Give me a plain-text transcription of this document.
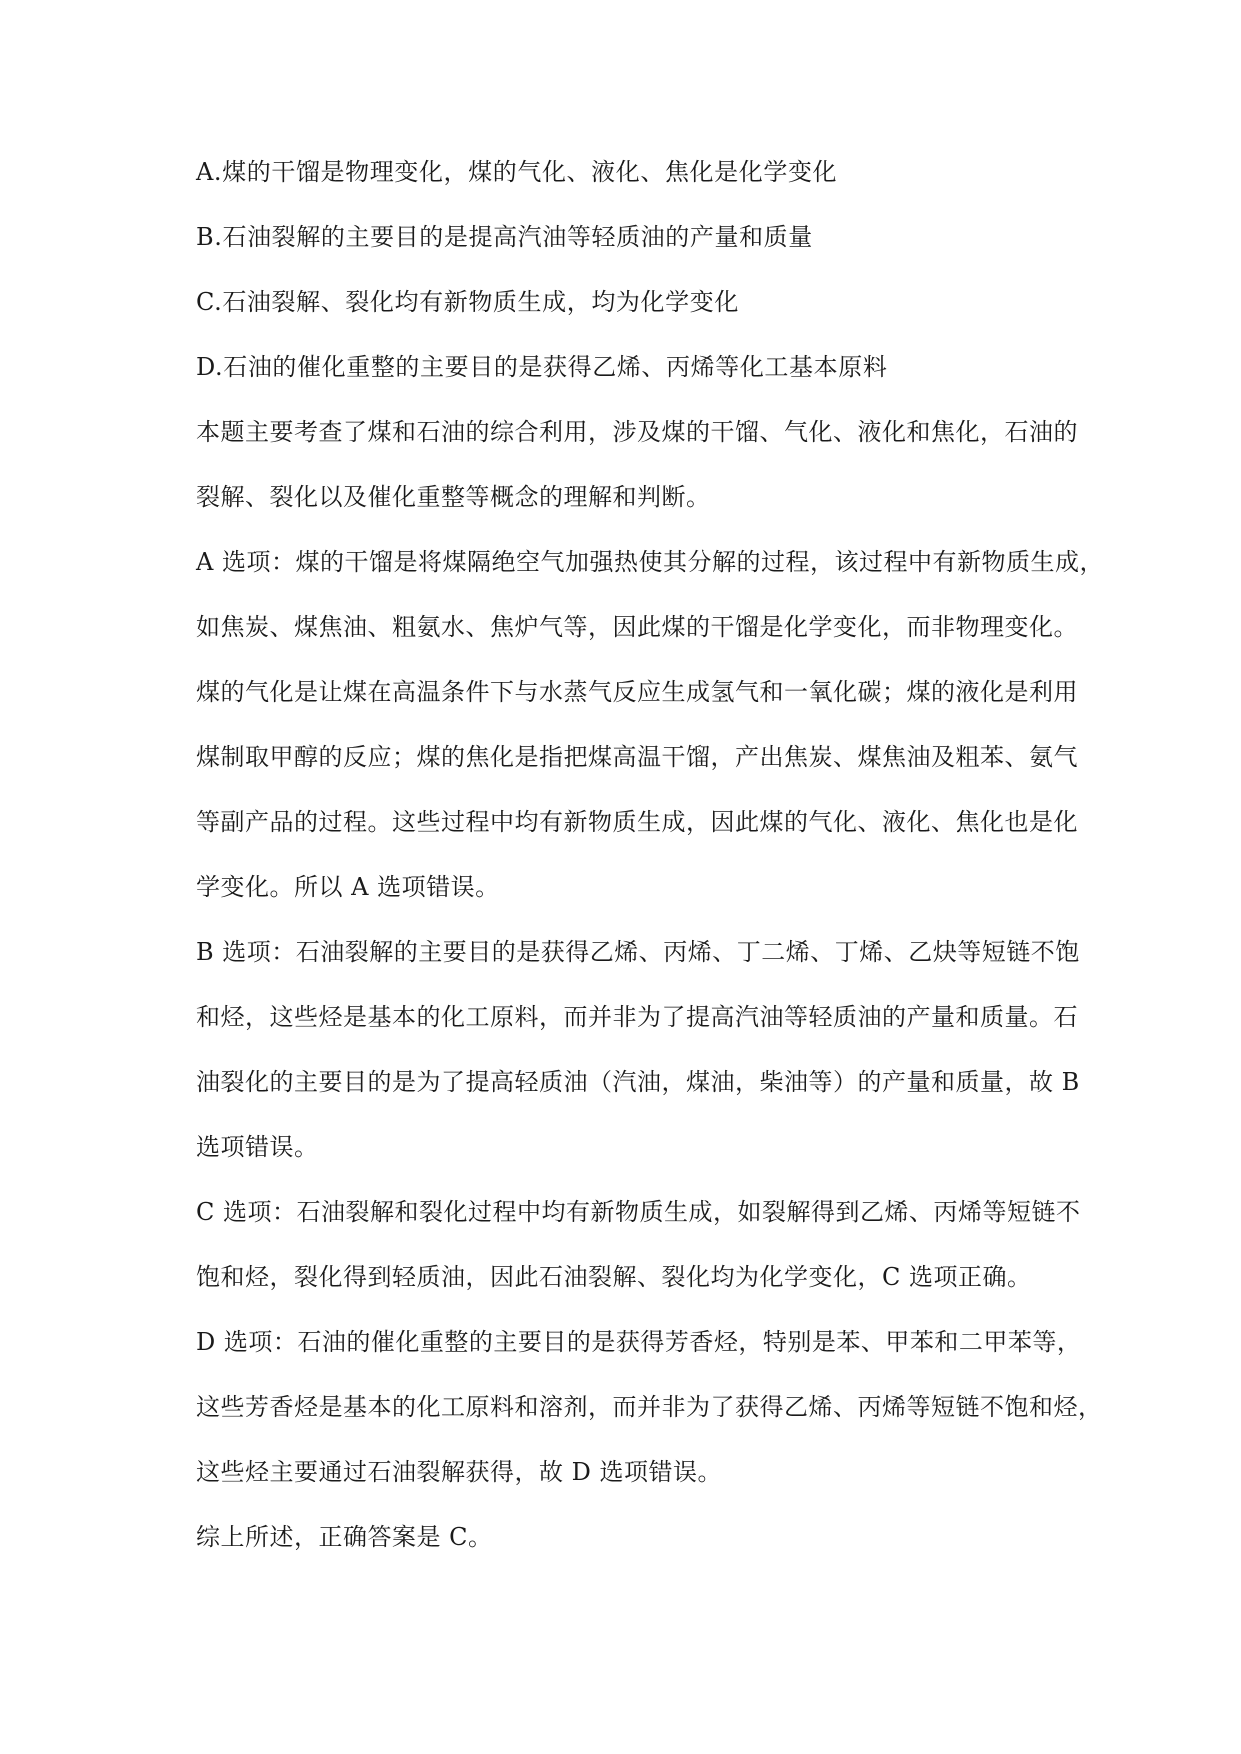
A.煤的干馏是物理变化，煤的气化、液化、焦化是化学变化
B.石油裂解的主要目的是提高汽油等轻质油的产量和质量
C.石油裂解、裂化均有新物质生成，均为化学变化
D.石油的催化重整的主要目的是获得乙烯、丙烯等化工基本原料
本题主要考查了煤和石油的综合利用，涉及煤的干馏、气化、液化和焦化，石油的
裂解、裂化以及催化重整等概念的理解和判断。
A 选项：煤的干馏是将煤隔绝空气加强热使其分解的过程，该过程中有新物质生成，
如焦炭、煤焦油、粗氨水、焦炉气等，因此煤的干馏是化学变化，而非物理变化。
煤的气化是让煤在高温条件下与水蒸气反应生成氢气和一氧化碳；煤的液化是利用
煤制取甲醇的反应；煤的焦化是指把煤高温干馏，产出焦炭、煤焦油及粗苯、氨气
等副产品的过程。这些过程中均有新物质生成，因此煤的气化、液化、焦化也是化
学变化。所以 A 选项错误。
B 选项：石油裂解的主要目的是获得乙烯、丙烯、丁二烯、丁烯、乙炔等短链不饱
和烃，这些烃是基本的化工原料，而并非为了提高汽油等轻质油的产量和质量。石
油裂化的主要目的是为了提高轻质油（汽油，煤油，柴油等）的产量和质量，故 B
选项错误。
C 选项：石油裂解和裂化过程中均有新物质生成，如裂解得到乙烯、丙烯等短链不
饱和烃，裂化得到轻质油，因此石油裂解、裂化均为化学变化，C 选项正确。
D 选项：石油的催化重整的主要目的是获得芳香烃，特别是苯、甲苯和二甲苯等，
这些芳香烃是基本的化工原料和溶剂，而并非为了获得乙烯、丙烯等短链不饱和烃，
这些烃主要通过石油裂解获得，故 D 选项错误。
综上所述，正确答案是 C。
